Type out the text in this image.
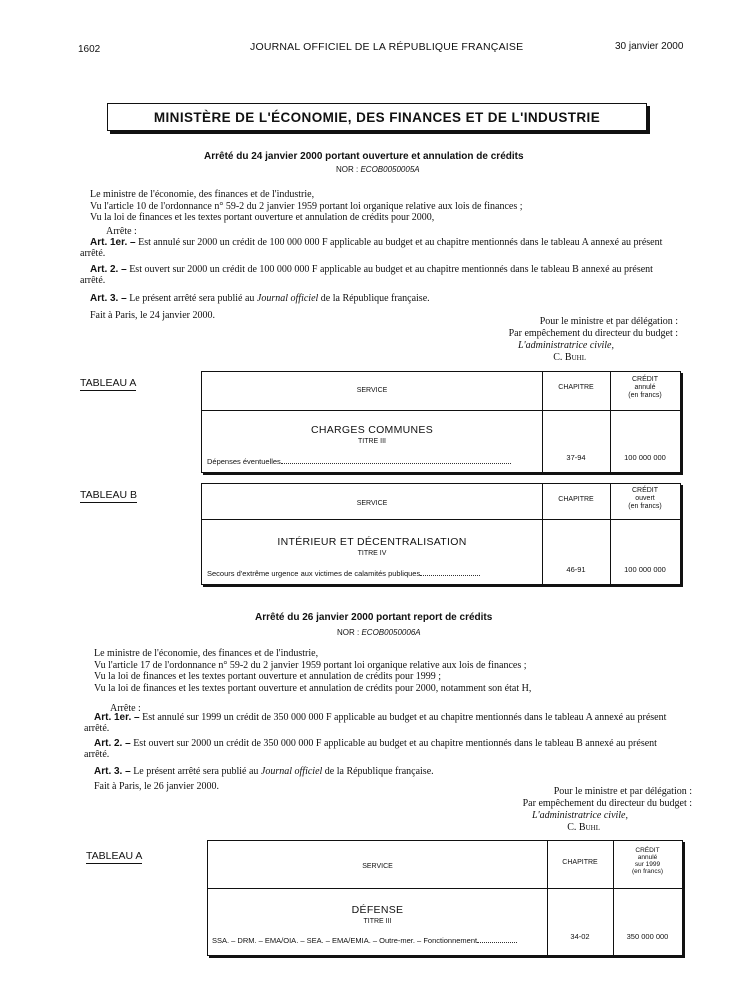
1602	JOURNAL OFFICIEL DE LA RÉPUBLIQUE FRANÇAISE	30 janvier 2000
MINISTÈRE DE L'ÉCONOMIE, DES FINANCES ET DE L'INDUSTRIE
Arrêté du 24 janvier 2000 portant ouverture et annulation de crédits
NOR : ECOB0050005A
Le ministre de l'économie, des finances et de l'industrie,
Vu l'article 10 de l'ordonnance n° 59-2 du 2 janvier 1959 portant loi organique relative aux lois de finances ;
Vu la loi de finances et les textes portant ouverture et annulation de crédits pour 2000,
Arrête :
Art. 1er. – Est annulé sur 2000 un crédit de 100 000 000 F applicable au budget et au chapitre mentionnés dans le tableau A annexé au présent arrêté.
Art. 2. – Est ouvert sur 2000 un crédit de 100 000 000 F applicable au budget et au chapitre mentionnés dans le tableau B annexé au présent arrêté.
Art. 3. – Le présent arrêté sera publié au Journal officiel de la République française.
Fait à Paris, le 24 janvier 2000.
Pour le ministre et par délégation :
Par empêchement du directeur du budget :
L'administratrice civile,
C. Buhl
TABLEAU A
SERVICE	CHAPITRE
CRÉDIT
annulé
(en francs)
CHARGES COMMUNES
TITRE III
Dépenses éventuelles	37-94	100 000 000
TABLEAU B
SERVICE
CHAPITRE
CRÉDIT
ouvert
(en francs)
INTÉRIEUR ET DÉCENTRALISATION
TITRE IV
Secours d'extrême urgence aux victimes de calamités publiques	46-91	100 000 000
Arrêté du 26 janvier 2000 portant report de crédits
NOR : ECOB0050006A
Le ministre de l'économie, des finances et de l'industrie,
Vu l'article 17 de l'ordonnance n° 59-2 du 2 janvier 1959 portant loi organique relative aux lois de finances ;
Vu la loi de finances et les textes portant ouverture et annulation de crédits pour 1999 ;
Vu la loi de finances et les textes portant ouverture et annulation de crédits pour 2000, notamment son état H,
Arrête :
Art. 1er. – Est annulé sur 1999 un crédit de 350 000 000 F applicable au budget et au chapitre mentionnés dans le tableau A annexé au présent arrêté.
Art. 2. – Est ouvert sur 2000 un crédit de 350 000 000 F applicable au budget et au chapitre mentionnés dans le tableau B annexé au présent arrêté.
Art. 3. – Le présent arrêté sera publié au Journal officiel de la République française.
Fait à Paris, le 26 janvier 2000.	Pour le ministre et par délégation :
Par empêchement du directeur du budget :
L'administratrice civile,
C. Buhl
TABLEAU A
SERVICE
CHAPITRE
CRÉDIT
annulé
sur 1999
(en francs)
DÉFENSE
TITRE III
SSA. – DRM. – EMA/OIA. – SEA. – EMA/EMIA. – Outre-mer. – Fonctionnement	34-02	350 000 000
